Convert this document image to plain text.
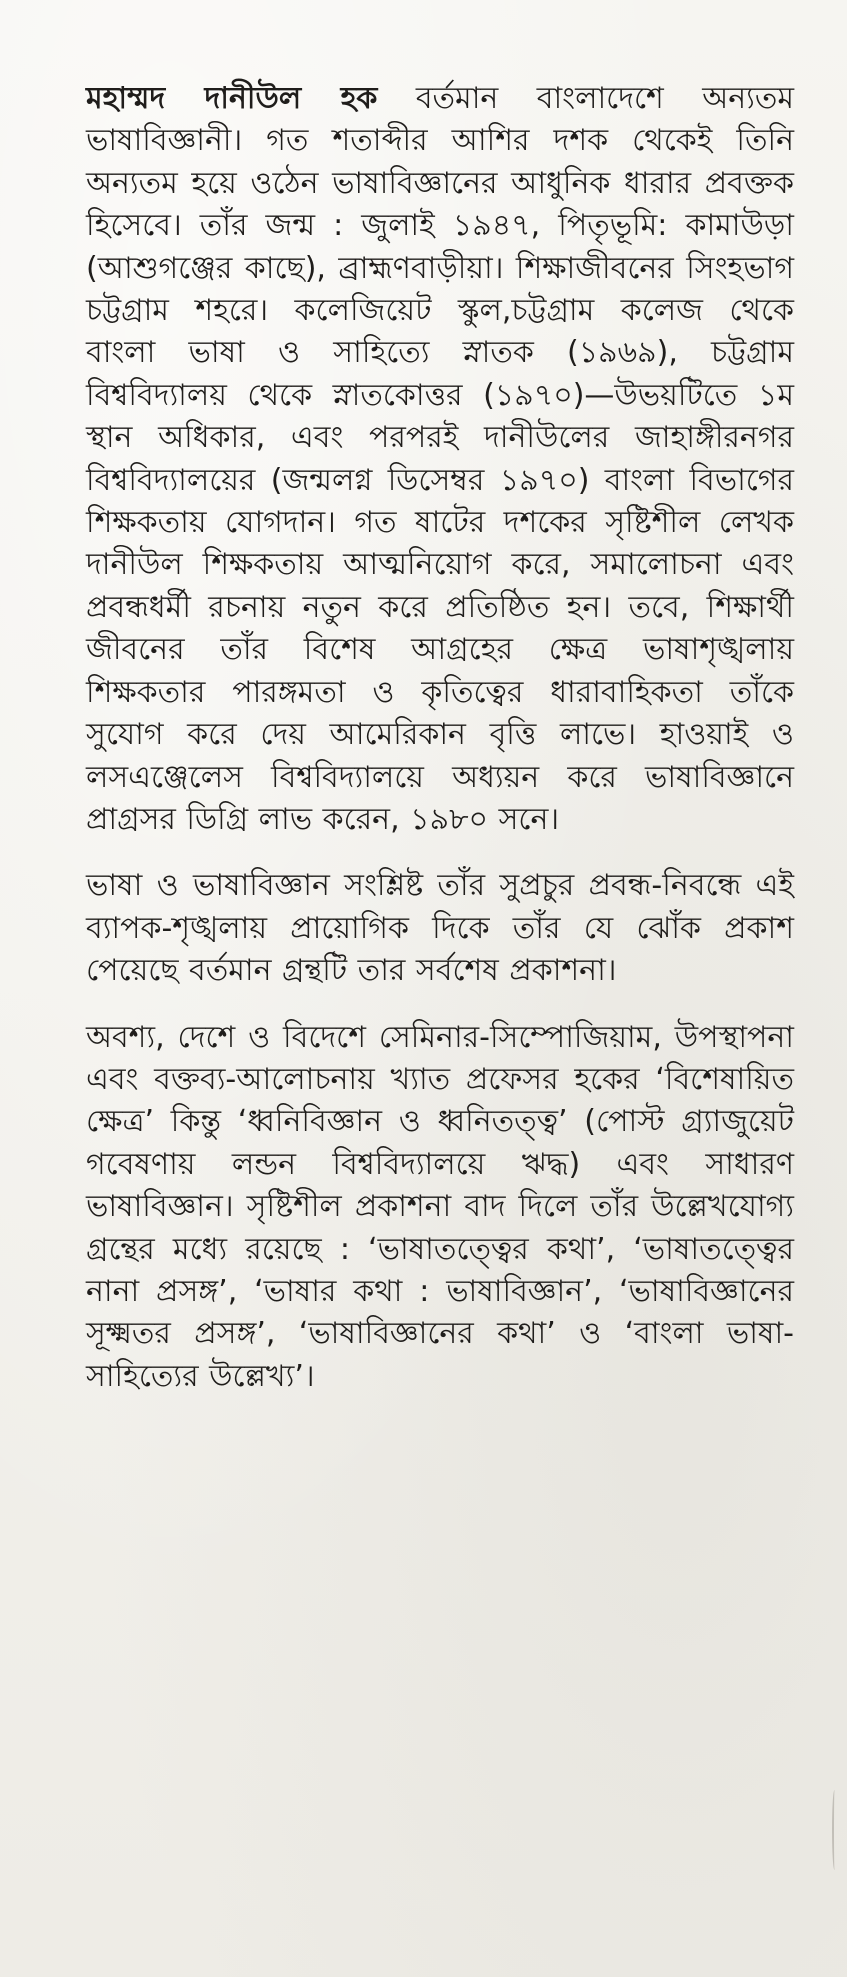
মহাম্মদ দানীউল হক বর্তমান বাংলাদেশে অন্যতম ভাষাবিজ্ঞানী। গত শতাব্দীর আশির দশক থেকেই তিনি অন্যতম হয়ে ওঠেন ভাষাবিজ্ঞানের আধুনিক ধারার প্রবক্তক হিসেবে। তাঁর জন্ম : জুলাই ১৯৪৭, পিতৃভূমি: কামাউড়া (আশুগঞ্জের কাছে), ব্রাহ্মণবাড়ীয়া। শিক্ষাজীবনের সিংহভাগ চট্টগ্রাম শহরে। কলেজিয়েট স্কুল,চট্টগ্রাম কলেজ থেকে বাংলা ভাষা ও সাহিত্যে স্নাতক (১৯৬৯), চট্টগ্রাম বিশ্ববিদ্যালয় থেকে স্নাতকোত্তর (১৯৭০)—উভয়টিতে ১ম স্থান অধিকার, এবং পরপরই দানীউলের জাহাঙ্গীরনগর বিশ্ববিদ্যালয়ের (জন্মলগ্ন ডিসেম্বর ১৯৭০) বাংলা বিভাগের শিক্ষকতায় যোগদান। গত ষাটের দশকের সৃষ্টিশীল লেখক দানীউল শিক্ষকতায় আত্মনিয়োগ করে, সমালোচনা এবং প্রবন্ধধর্মী রচনায় নতুন করে প্রতিষ্ঠিত হন। তবে, শিক্ষার্থী জীবনের তাঁর বিশেষ আগ্রহের ক্ষেত্র ভাষাশৃঙ্খলায় শিক্ষকতার পারঙ্গমতা ও কৃতিত্বের ধারাবাহিকতা তাঁকে সুযোগ করে দেয় আমেরিকান বৃত্তি লাভে। হাওয়াই ও লসএঞ্জেলেস বিশ্ববিদ্যালয়ে অধ্যয়ন করে ভাষাবিজ্ঞানে প্রাগ্রসর ডিগ্রি লাভ করেন, ১৯৮০ সনে।

ভাষা ও ভাষাবিজ্ঞান সংশ্লিষ্ট তাঁর সুপ্রচুর প্রবন্ধ-নিবন্ধে এই ব্যাপক-শৃঙ্খলায় প্রায়োগিক দিকে তাঁর যে ঝোঁক প্রকাশ পেয়েছে বর্তমান গ্রন্থটি তার সর্বশেষ প্রকাশনা।

অবশ্য, দেশে ও বিদেশে সেমিনার-সিম্পোজিয়াম, উপস্থাপনা এবং বক্তব্য-আলোচনায় খ্যাত প্রফেসর হকের ‘বিশেষায়িত ক্ষেত্র’ কিন্তু ‘ধ্বনিবিজ্ঞান ও ধ্বনিতত্ত্ব’ (পোস্ট গ্র্যাজুয়েট গবেষণায় লন্ডন বিশ্ববিদ্যালয়ে ঋদ্ধ) এবং সাধারণ ভাষাবিজ্ঞান। সৃষ্টিশীল প্রকাশনা বাদ দিলে তাঁর উল্লেখযোগ্য গ্রন্থের মধ্যে রয়েছে : ‘ভাষাতত্ত্বের কথা’, ‘ভাষাতত্ত্বের নানা প্রসঙ্গ’, ‘ভাষার কথা : ভাষাবিজ্ঞান’, ‘ভাষাবিজ্ঞানের সূক্ষ্মতর প্রসঙ্গ’, ‘ভাষাবিজ্ঞানের কথা’ ও ‘বাংলা ভাষা-সাহিত্যের উল্লেখ্য’।
